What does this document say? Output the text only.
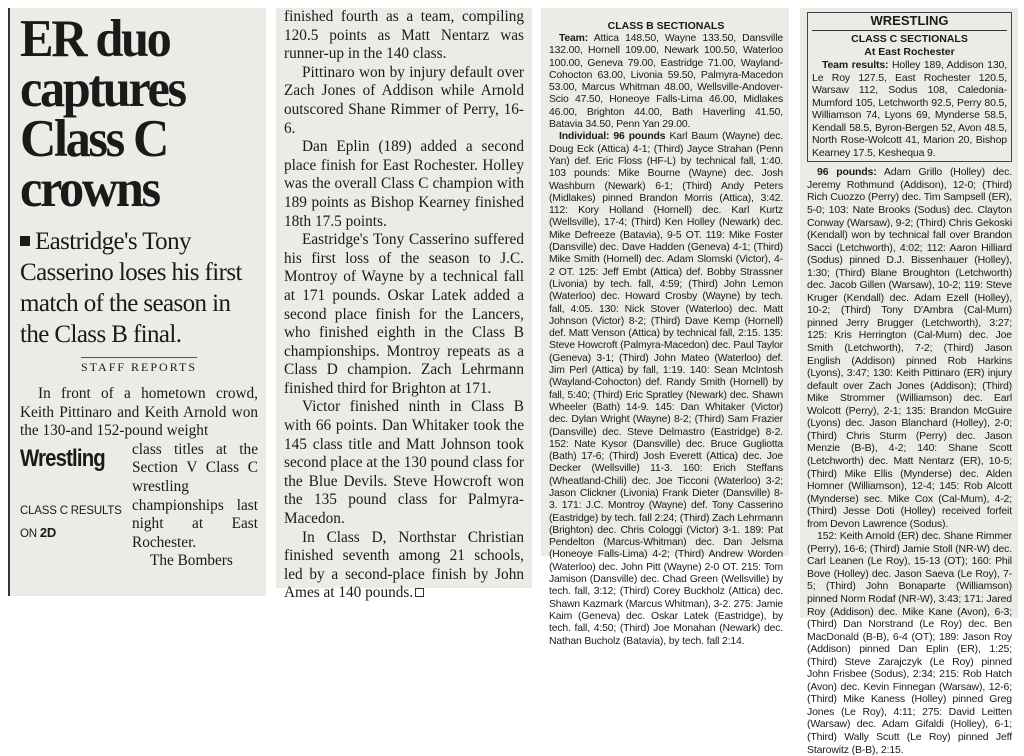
ER duo
captures
Class C
crowns
Eastridge's Tony Casserino loses his first match of the season in the Class B final.
STAFF REPORTS

In front of a hometown crowd, Keith Pittinaro and Keith Arnold won the 130-and 152-pound weight

Wrestling
CLASS C RESULTS ON 2D
class titles at the Section V Class C wrestling championships last night at East Rochester.
The Bombers

finished fourth as a team, compiling 120.5 points as Matt Nentarz was runner-up in the 140 class.

Pittinaro won by injury default over Zach Jones of Addison while Arnold outscored Shane Rimmer of Perry, 16-6.

Dan Eplin (189) added a second place finish for East Rochester. Holley was the overall Class C champion with 189 points as Bishop Kearney finished 18th 17.5 points.

Eastridge's Tony Casserino suffered his first loss of the season to J.C. Montroy of Wayne by a technical fall at 171 pounds. Oskar Latek added a second place finish for the Lancers, who finished eighth in the Class B championships. Montroy repeats as a Class D champion. Zach Lehrmann finished third for Brighton at 171.

Victor finished ninth in Class B with 66 points. Dan Whitaker took the 145 class title and Matt Johnson took second place at the 130 pound class for the Blue Devils. Steve Howcroft won the 135 pound class for Palmyra-Macedon.

In Class D, Northstar Christian finished seventh among 21 schools, led by a second-place finish by John Ames at 140 pounds.

CLASS B SECTIONALS

Team: Attica 148.50, Wayne 133.50, Dansville 132.00, Hornell 109.00, Newark 100.50, Waterloo 100.00, Geneva 79.00, Eastridge 71.00, Wayland-Cohocton 63.00, Livonia 59.50, Palmyra-Macedon 53.00, Marcus Whitman 48.00, Wellsville-Andover-Scio 47.50, Honeoye Falls-Lima 46.00, Midlakes 46.00, Brighton 44.00, Bath Haverling 41.50, Batavia 34.50, Penn Yan 29.00.

Individual: 96 pounds Karl Baum (Wayne) dec. Doug Eck (Attica) 4-1; (Third) Jayce Strahan (Penn Yan) def. Eric Floss (HF-L) by technical fall, 1:40. 103 pounds: Mike Bourne (Wayne) dec. Josh Washburn (Newark) 6-1; (Third) Andy Peters (Midlakes) pinned Brandon Morris (Attica), 3:42. 112: Kory Holland (Hornell) dec. Karl Kurtz (Wellsville), 17-4; (Third) Ken Holley (Newark) dec. Mike Defreeze (Batavia), 9-5 OT. 119: Mike Foster (Dansville) dec. Dave Hadden (Geneva) 4-1; (Third) Mike Smith (Hornell) dec. Adam Slomski (Victor), 4-2 OT. 125: Jeff Embt (Attica) def. Bobby Strassner (Livonia) by tech. fall, 4:59; (Third) John Lemon (Waterloo) dec. Howard Crosby (Wayne) by tech. fall, 4:05. 130: Nick Stover (Waterloo) dec. Matt Johnson (Victor) 8-2; (Third) Dave Kemp (Hornell) def. Matt Venson (Attica) by technical fall, 2:15. 135: Steve Howcroft (Palmyra-Macedon) dec. Paul Taylor (Geneva) 3-1; (Third) John Mateo (Waterloo) def. Jim Perl (Attica) by fall, 1:19. 140: Sean McIntosh (Wayland-Cohocton) def. Randy Smith (Hornell) by fall, 5:40; (Third) Eric Spratley (Newark) dec. Shawn Wheeler (Bath) 14-9. 145: Dan Whitaker (Victor) dec. Dylan Wright (Wayne) 8-2; (Third) Sam Frazier (Dansville) dec. Steve Delmastro (Eastridge) 8-2. 152: Nate Kysor (Dansville) dec. Bruce Gugliotta (Bath) 17-6; (Third) Josh Everett (Attica) dec. Joe Decker (Wellsville) 11-3. 160: Erich Steffans (Wheatland-Chili) dec. Joe Ticconi (Waterloo) 3-2; Jason Clickner (Livonia) Frank Dieter (Dansville) 8-3. 171: J.C. Montroy (Wayne) def. Tony Casserino (Eastridge) by tech. fall 2:24; (Third) Zach Lehrmann (Brighton) dec. Chris Cologgi (Victor) 3-1. 189: Pat Pendelton (Marcus-Whitman) dec. Dan Jelsma (Honeoye Falls-Lima) 4-2; (Third) Andrew Worden (Waterloo) dec. John Pitt (Wayne) 2-0 OT. 215: Tom Jamison (Dansville) dec. Chad Green (Wellsville) by tech. fall, 3:12; (Third) Corey Buckholz (Attica) dec. Shawn Kazmark (Marcus Whitman), 3-2. 275: Jamie Kaim (Geneva) dec. Oskar Latek (Eastridge), by tech. fall, 4:50; (Third) Joe Monahan (Newark) dec. Nathan Bucholz (Batavia), by tech. fall 2:14.

WRESTLING
CLASS C SECTIONALS
At East Rochester

Team results: Holley 189, Addison 130, Le Roy 127.5, East Rochester 120.5, Warsaw 112, Sodus 108, Caledonia-Mumford 105, Letchworth 92.5, Perry 80.5, Williamson 74, Lyons 69, Mynderse 58.5, Kendall 58.5, Byron-Bergen 52, Avon 48.5, North Rose-Wolcott 41, Marion 20, Bishop Kearney 17.5, Keshequa 9.

96 pounds: Adam Grillo (Holley) dec. Jeremy Rothmund (Addison), 12-0; (Third) Rich Cuozzo (Perry) dec. Tim Sampsell (ER), 5-0; 103: Nate Brooks (Sodus) dec. Clayton Conway (Warsaw), 9-2; (Third) Chris Gekoski (Kendall) won by technical fall over Brandon Sacci (Letchworth), 4:02; 112: Aaron Hilliard (Sodus) pinned D.J. Bissenhauer (Holley), 1:30; (Third) Blane Broughton (Letchworth) dec. Jacob Gillen (Warsaw), 10-2; 119: Steve Kruger (Kendall) dec. Adam Ezell (Holley), 10-2; (Third) Tony D'Ambra (Cal-Mum) pinned Jerry Brugger (Letchworth), 3:27; 125: Kris Herrington (Cal-Mum) dec. Joe Smith (Letchworth), 7-2; (Third) Jason English (Addison) pinned Rob Harkins (Lyons), 3:47; 130: Keith Pittinaro (ER) injury default over Zach Jones (Addison); (Third) Mike Strommer (Williamson) dec. Earl Wolcott (Perry), 2-1; 135: Brandon McGuire (Lyons) dec. Jason Blanchard (Holley), 2-0; (Third) Chris Sturm (Perry) dec. Jason Menzie (B-B), 4-2; 140: Shane Scott (Letchworth) dec. Matt Nentarz (ER), 10-5; (Third) Mike Ellis (Mynderse) dec. Alden Homner (Williamson), 12-4; 145: Rob Alcott (Mynderse) sec. Mike Cox (Cal-Mum), 4-2; (Third) Jesse Doti (Holley) received forfeit from Devon Lawrence (Sodus).

152: Keith Arnold (ER) dec. Shane Rimmer (Perry), 16-6; (Third) Jamie Stoll (NR-W) dec. Carl Leanen (Le Roy), 15-13 (OT); 160: Phil Bove (Holley) dec. Jason Saeva (Le Roy), 7-5; (Third) John Bonaparte (Williamson) pinned Norm Rodaf (NR-W), 3:43; 171: Jared Roy (Addison) dec. Mike Kane (Avon), 6-3; (Third) Dan Norstrand (Le Roy) dec. Ben MacDonald (B-B), 6-4 (OT); 189: Jason Roy (Addison) pinned Dan Eplin (ER), 1:25; (Third) Steve Zarajczyk (Le Roy) pinned John Frisbee (Sodus), 2:34; 215: Rob Hatch (Avon) dec. Kevin Finnegan (Warsaw), 12-6; (Third) Mike Kaness (Holley) pinned Greg Jones (Le Roy), 4:11; 275: David Leitten (Warsaw) dec. Adam Gifaldi (Holley), 6-1; (Third) Wally Scutt (Le Roy) pinned Jeff Starowitz (B-B), 2:15.
